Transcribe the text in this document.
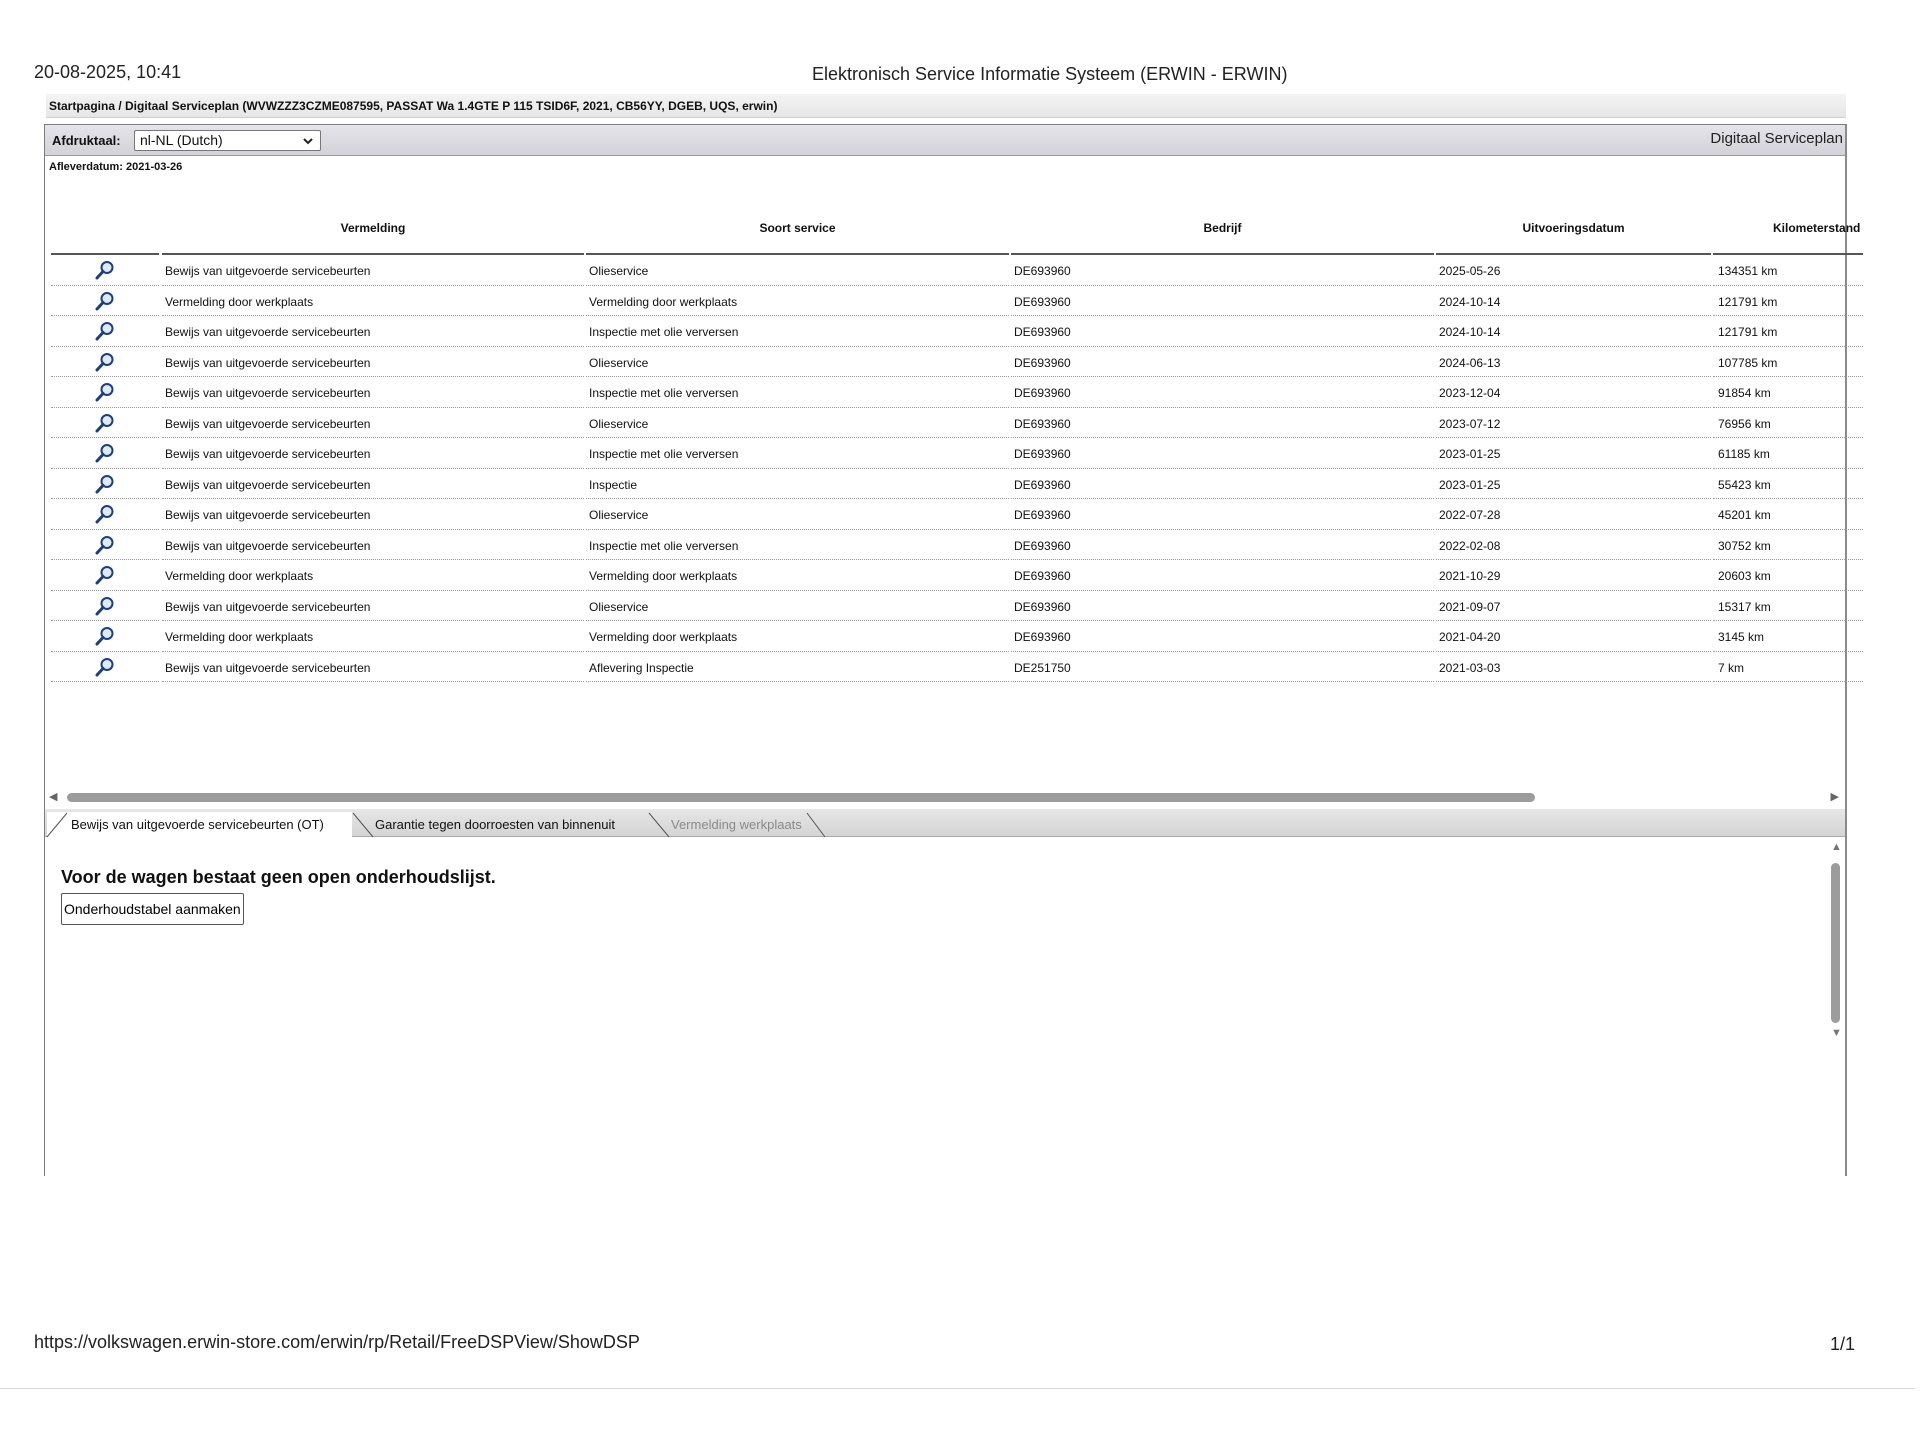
20-08-2025, 10:41	Elektronisch Service Informatie Systeem (ERWIN - ERWIN)
Startpagina / Digitaal Serviceplan (WVWZZZ3CZME087595, PASSAT Wa 1.4GTE P 115 TSID6F, 2021, CB56YY, DGEB, UQS, erwin)
Afdruktaal:	nl-NL (Dutch)	Digitaal Serviceplan
Afleverdatum: 2021-03-26
Vermelding	Soort service	Bedrijf	Uitvoeringsdatum	Kilometerstand
Bewijs van uitgevoerde servicebeurten	Olieservice	DE693960	2025-05-26	134351 km
Vermelding door werkplaats	Vermelding door werkplaats	DE693960	2024-10-14	121791 km
Bewijs van uitgevoerde servicebeurten	Inspectie met olie verversen	DE693960	2024-10-14	121791 km
Bewijs van uitgevoerde servicebeurten	Olieservice	DE693960	2024-06-13	107785 km
Bewijs van uitgevoerde servicebeurten	Inspectie met olie verversen	DE693960	2023-12-04	91854 km
Bewijs van uitgevoerde servicebeurten	Olieservice	DE693960	2023-07-12	76956 km
Bewijs van uitgevoerde servicebeurten	Inspectie met olie verversen	DE693960	2023-01-25	61185 km
Bewijs van uitgevoerde servicebeurten	Inspectie	DE693960	2023-01-25	55423 km
Bewijs van uitgevoerde servicebeurten	Olieservice	DE693960	2022-07-28	45201 km
Bewijs van uitgevoerde servicebeurten	Inspectie met olie verversen	DE693960	2022-02-08	30752 km
Vermelding door werkplaats	Vermelding door werkplaats	DE693960	2021-10-29	20603 km
Bewijs van uitgevoerde servicebeurten	Olieservice	DE693960	2021-09-07	15317 km
Vermelding door werkplaats	Vermelding door werkplaats	DE693960	2021-04-20	3145 km
Bewijs van uitgevoerde servicebeurten	Aflevering Inspectie	DE251750	2021-03-03	7 km
◀	▶
Bewijs van uitgevoerde servicebeurten (OT)	Garantie tegen doorroesten van binnenuit	Vermelding werkplaats
Voor de wagen bestaat geen open onderhoudslijst.
Onderhoudstabel aanmaken
▲
▼
https://volkswagen.erwin-store.com/erwin/rp/Retail/FreeDSPView/ShowDSP	1/1
